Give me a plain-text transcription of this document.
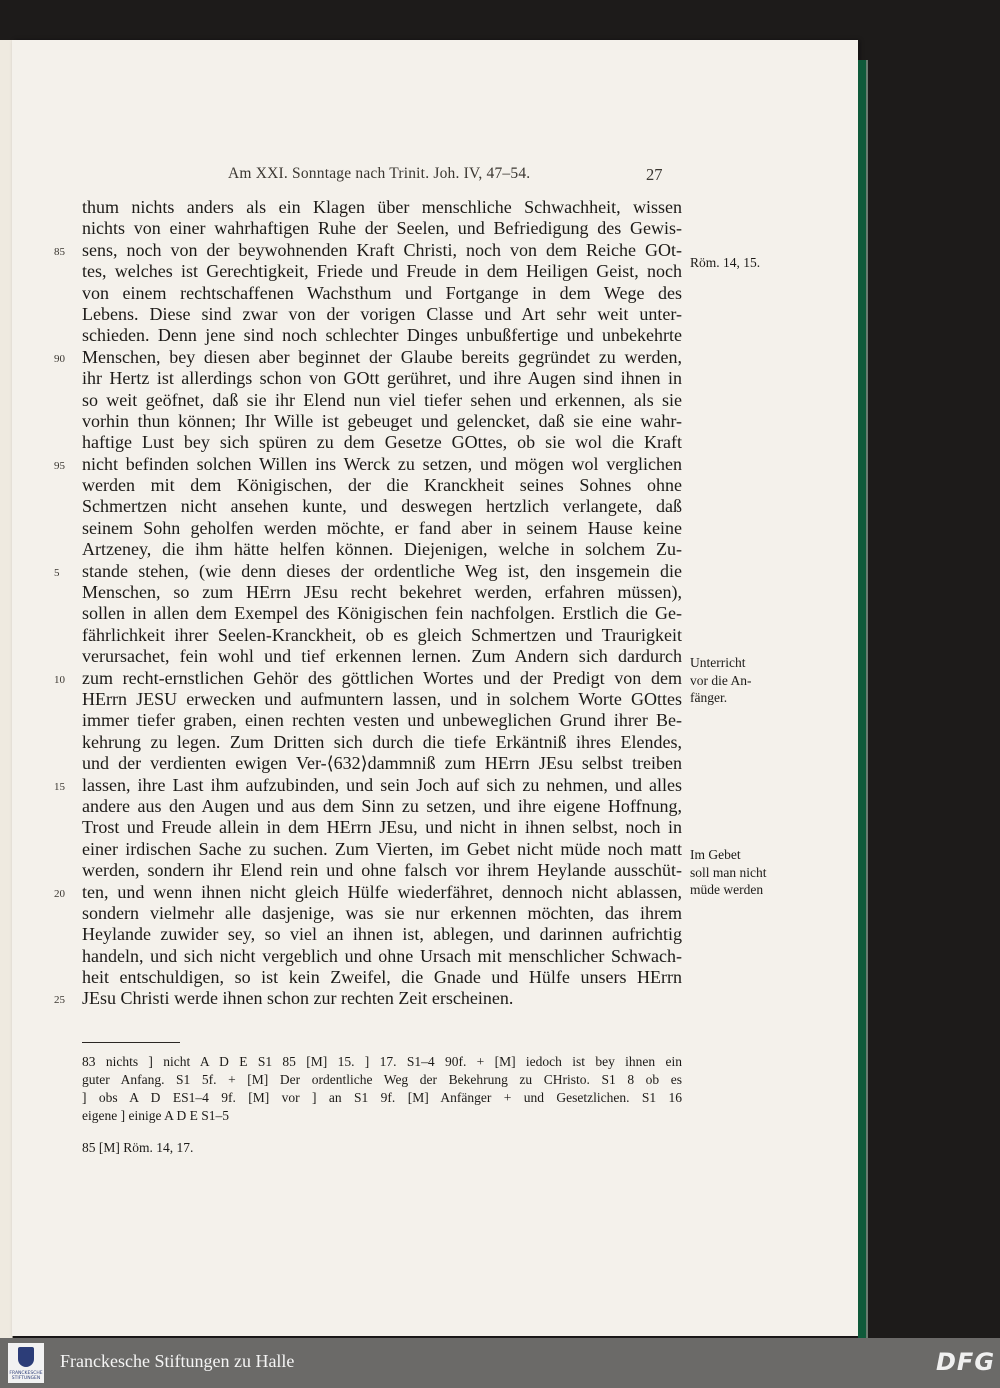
Am XXI. Sonntage nach Trinit. Joh. IV, 47–54.	27
thum nichts anders als ein Klagen über menschliche Schwachheit, wissen
nichts von einer wahrhaftigen Ruhe der Seelen, und Befriedigung des Gewis-
85 sens, noch von der beywohnenden Kraft Christi, noch von dem Reiche GOt-
tes, welches ist Gerechtigkeit, Friede und Freude in dem Heiligen Geist, noch
von einem rechtschaffenen Wachsthum und Fortgange in dem Wege des
Lebens. Diese sind zwar von der vorigen Classe und Art sehr weit unter-
schieden. Denn jene sind noch schlechter Dinges unbußfertige und unbekehrte
90 Menschen, bey diesen aber beginnet der Glaube bereits gegründet zu werden,
ihr Hertz ist allerdings schon von GOtt gerühret, und ihre Augen sind ihnen in
so weit geöfnet, daß sie ihr Elend nun viel tiefer sehen und erkennen, als sie
vorhin thun können; Ihr Wille ist gebeuget und gelencket, daß sie eine wahr-
haftige Lust bey sich spüren zu dem Gesetze GOttes, ob sie wol die Kraft
95 nicht befinden solchen Willen ins Werck zu setzen, und mögen wol verglichen
werden mit dem Königischen, der die Kranckheit seines Sohnes ohne
Schmertzen nicht ansehen kunte, und deswegen hertzlich verlangete, daß
seinem Sohn geholfen werden möchte, er fand aber in seinem Hause keine
Artzeney, die ihm hätte helfen können. Diejenigen, welche in solchem Zu-
5	stande stehen, (wie denn dieses der ordentliche Weg ist, den insgemein die
Menschen, so zum HErrn JEsu recht bekehret werden, erfahren müssen),
sollen in allen dem Exempel des Königischen fein nachfolgen. Erstlich die Ge-
fährlichkeit ihrer Seelen-Kranckheit, ob es gleich Schmertzen und Traurigkeit
verursachet, fein wohl und tief erkennen lernen. Zum Andern sich dardurch
10 zum recht-ernstlichen Gehör des göttlichen Wortes und der Predigt von dem
HErrn JESU erwecken und aufmuntern lassen, und in solchem Worte GOttes
immer tiefer graben, einen rechten vesten und unbeweglichen Grund ihrer Be-
kehrung zu legen. Zum Dritten sich durch die tiefe Erkäntniß ihres Elendes,
und der verdienten ewigen Ver-⟨632⟩dammniß zum HErrn JEsu selbst treiben
15 lassen, ihre Last ihm aufzubinden, und sein Joch auf sich zu nehmen, und alles
andere aus den Augen und aus dem Sinn zu setzen, und ihre eigene Hoffnung,
Trost und Freude allein in dem HErrn JEsu, und nicht in ihnen selbst, noch in
einer irdischen Sache zu suchen. Zum Vierten, im Gebet nicht müde noch matt
werden, sondern ihr Elend rein und ohne falsch vor ihrem Heylande ausschüt-
20 ten, und wenn ihnen nicht gleich Hülfe wiederfähret, dennoch nicht ablassen,
sondern vielmehr alle dasjenige, was sie nur erkennen möchten, das ihrem
Heylande zuwider sey, so viel an ihnen ist, ablegen, und darinnen aufrichtig
handeln, und sich nicht vergeblich und ohne Ursach mit menschlicher Schwach-
heit entschuldigen, so ist kein Zweifel, die Gnade und Hülfe unsers HErrn
25 JEsu Christi werde ihnen schon zur rechten Zeit erscheinen.
Röm. 14, 15.
Unterricht
vor die An-
fänger.
Im Gebet
soll man nicht
müde werden
83 nichts ] nicht A D E S1 85 [M] 15. ] 17. S1–4 90f. + [M] iedoch ist bey ihnen ein
guter Anfang. S1 5f. + [M] Der ordentliche Weg der Bekehrung zu CHristo. S1 8 ob es
] obs A D ES1–4 9f. [M] vor ] an S1 9f. [M] Anfänger + und Gesetzlichen. S1 16
eigene ] einige A D E S1–5
85 [M] Röm. 14, 17.
FRANCKESCHE
STIFTUNGEN
Franckesche Stiftungen zu Halle	DFG
